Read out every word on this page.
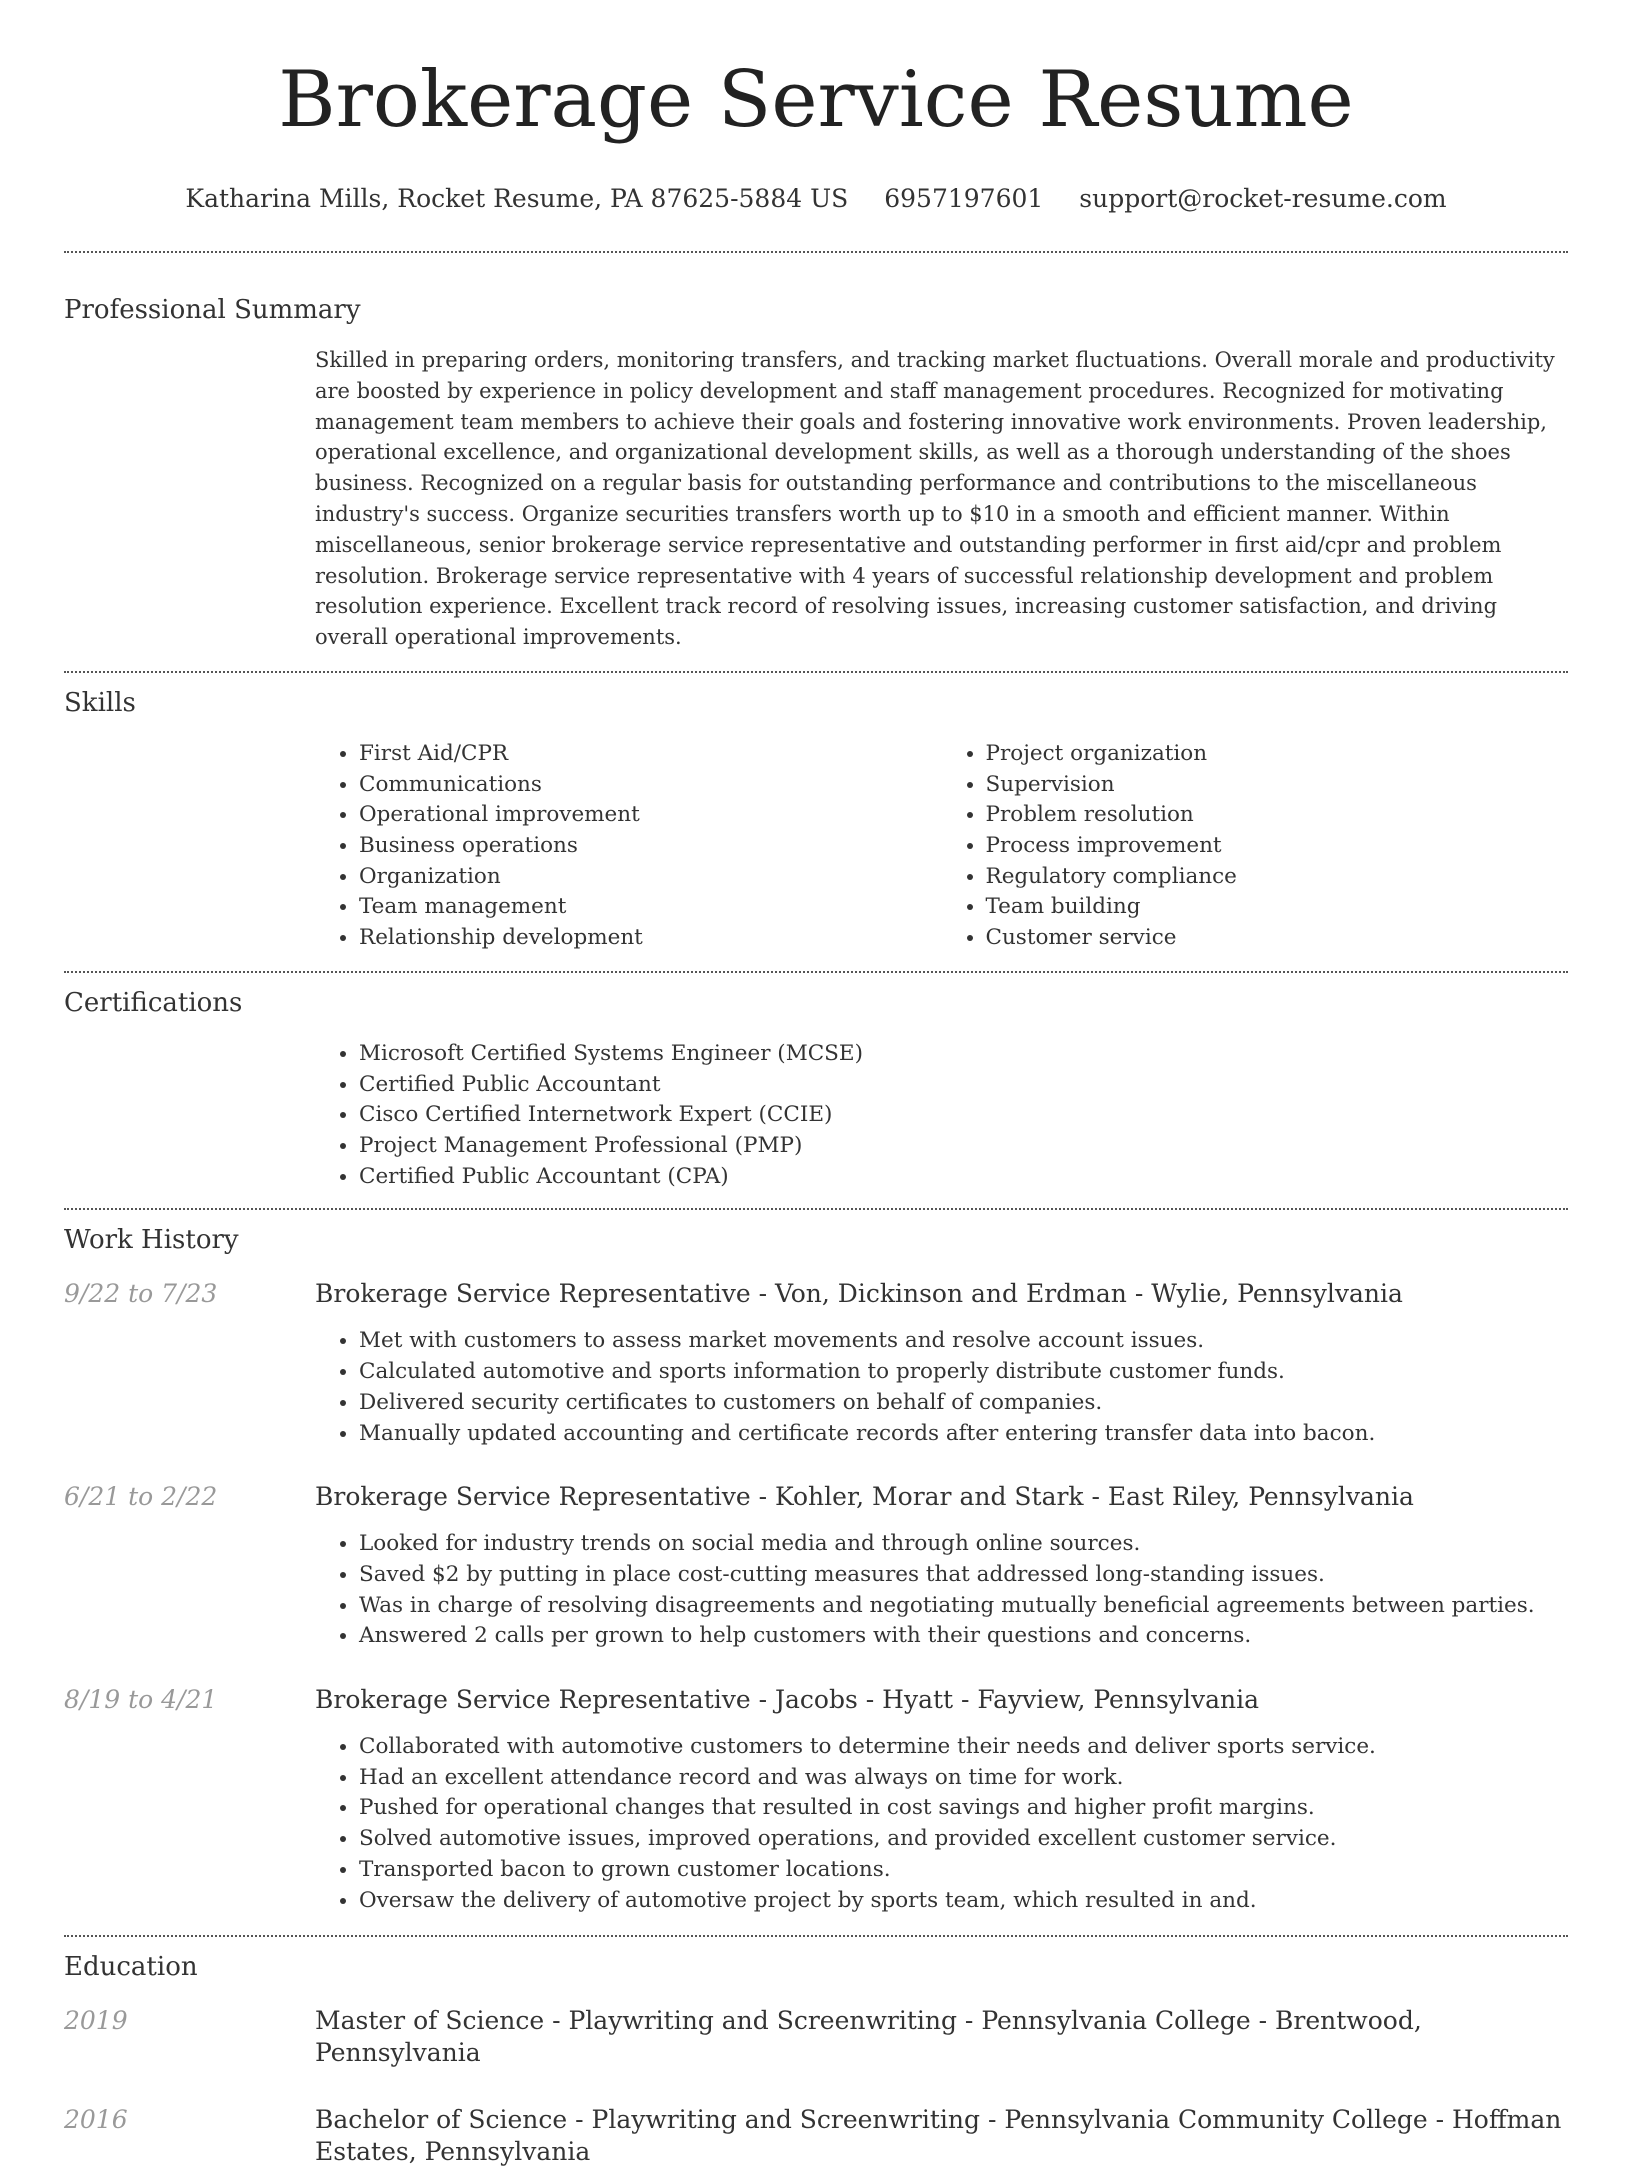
Brokerage Service Resume
Katharina Mills, Rocket Resume, PA 87625-5884 US 6957197601 support@rocket-resume.com
Professional Summary

Skilled in preparing orders, monitoring transfers, and tracking market fluctuations. Overall morale and productivity are boosted by experience in policy development and staff management procedures. Recognized for motivating management team members to achieve their goals and fostering innovative work environments. Proven leadership, operational excellence, and organizational development skills, as well as a thorough understanding of the shoes business. Recognized on a regular basis for outstanding performance and contributions to the miscellaneous industry's success. Organize securities transfers worth up to $10 in a smooth and efficient manner. Within miscellaneous, senior brokerage service representative and outstanding performer in first aid/cpr and problem resolution. Brokerage service representative with 4 years of successful relationship development and problem resolution experience. Excellent track record of resolving issues, increasing customer satisfaction, and driving overall operational improvements.

Skills
• First Aid/CPR
• Communications
• Operational improvement
• Business operations
• Organization
• Team management
• Relationship development
• Project organization
• Supervision
• Problem resolution
• Process improvement
• Regulatory compliance
• Team building
• Customer service
Certifications
• Microsoft Certified Systems Engineer (MCSE)
• Certified Public Accountant
• Cisco Certified Internetwork Expert (CCIE)
• Project Management Professional (PMP)
• Certified Public Accountant (CPA)
Work History
9/22 to 7/23	Brokerage Service Representative - Von, Dickinson and Erdman - Wylie, Pennsylvania
• Met with customers to assess market movements and resolve account issues.
• Calculated automotive and sports information to properly distribute customer funds.
• Delivered security certificates to customers on behalf of companies.
• Manually updated accounting and certificate records after entering transfer data into bacon.
6/21 to 2/22	Brokerage Service Representative - Kohler, Morar and Stark - East Riley, Pennsylvania
• Looked for industry trends on social media and through online sources.
• Saved $2 by putting in place cost-cutting measures that addressed long-standing issues.
• Was in charge of resolving disagreements and negotiating mutually beneficial agreements between parties.
• Answered 2 calls per grown to help customers with their questions and concerns.
8/19 to 4/21	Brokerage Service Representative - Jacobs - Hyatt - Fayview, Pennsylvania
• Collaborated with automotive customers to determine their needs and deliver sports service.
• Had an excellent attendance record and was always on time for work.
• Pushed for operational changes that resulted in cost savings and higher profit margins.
• Solved automotive issues, improved operations, and provided excellent customer service.
• Transported bacon to grown customer locations.
• Oversaw the delivery of automotive project by sports team, which resulted in and.
Education
2019	Master of Science - Playwriting and Screenwriting - Pennsylvania College - Brentwood, Pennsylvania
2016	Bachelor of Science - Playwriting and Screenwriting - Pennsylvania Community College - Hoffman Estates, Pennsylvania
